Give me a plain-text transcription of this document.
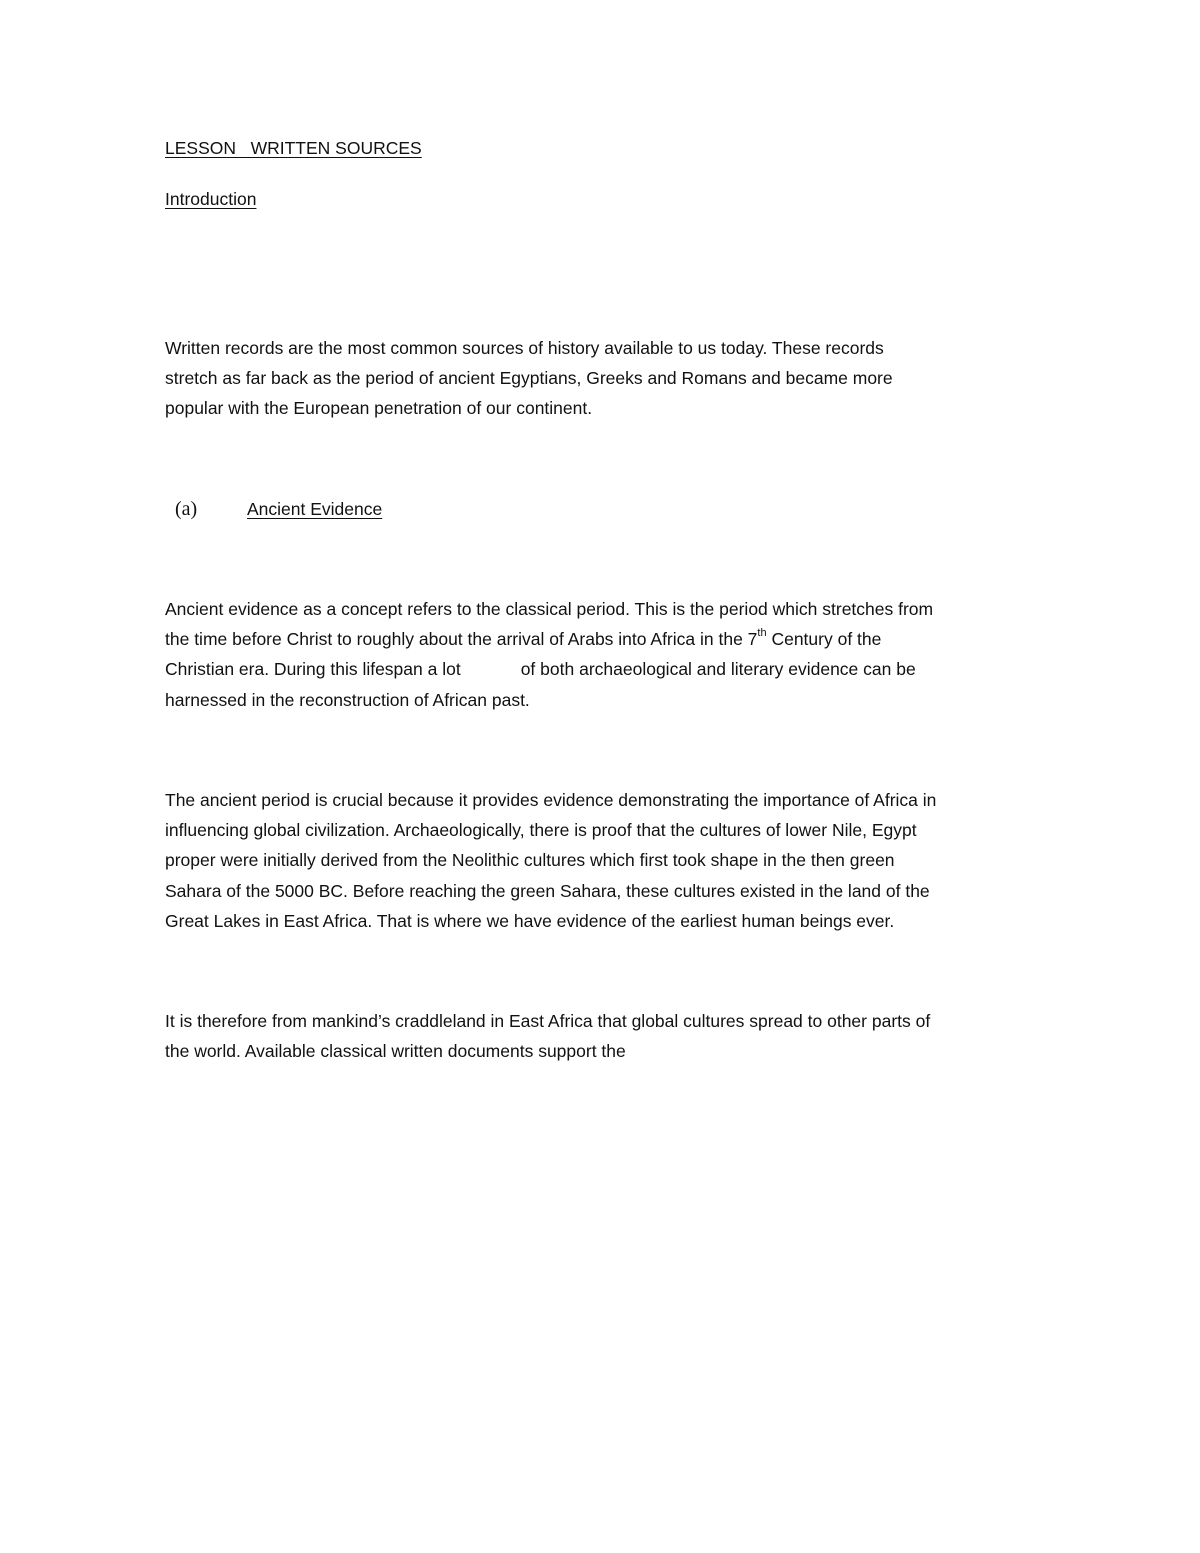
LESSON   WRITTEN SOURCES
Introduction
Written records are the most common sources of history available to us today. These records
stretch as far back as the period of ancient Egyptians, Greeks and Romans and became more
popular with the European penetration of our continent.
(a)	Ancient Evidence
Ancient evidence as a concept refers to the classical period. This is the period which stretches from
the time before Christ to roughly about the arrival of Arabs into Africa in the 7th Century of the
Christian era. During this lifespan a lot	of both archaeological and literary evidence can be
harnessed in the reconstruction of African past.
The ancient period is crucial because it provides evidence demonstrating the importance of Africa in
influencing global civilization. Archaeologically, there is proof that the cultures of lower Nile, Egypt
proper were initially derived from the Neolithic cultures which first took shape in the then green
Sahara of the 5000 BC. Before reaching the green Sahara, these cultures existed in the land of the
Great Lakes in East Africa. That is where we have evidence of the earliest human beings ever.
It is therefore from mankind’s craddleland in East Africa that global cultures spread to other parts of
the world. Available classical written documents support the
